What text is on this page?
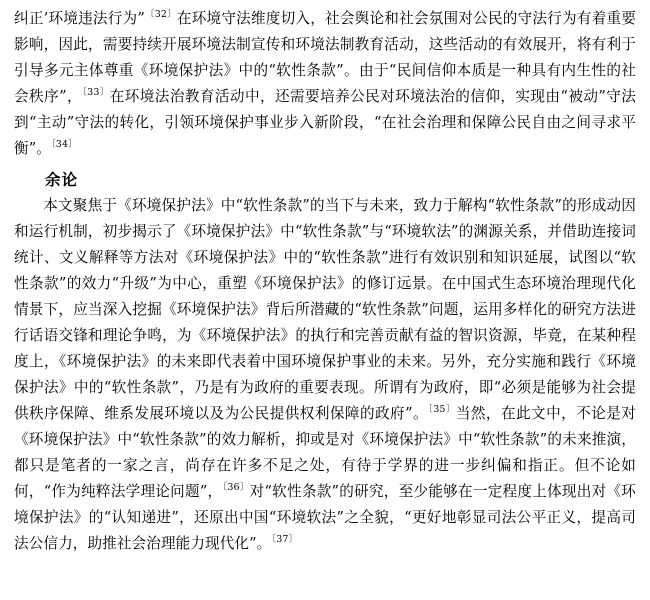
纠正’环境违法行为”$^{〔32〕}$在环境守法维度切入，社会舆论和社会氛围对公民的守法行为有着重要影响，因此，需要持续开展环境法制宣传和环境法制教育活动，这些活动的有效展开，将有利于引导多元主体尊重《环境保护法》中的“软性条款”。由于“民间信仰本质是一种具有内生性的社会秩序”，$^{〔33〕}$在环境法治教育活动中，还需要培养公民对环境法治的信仰，实现由“被动”守法到“主动”守法的转化，引领环境保护事业步入新阶段，“在社会治理和保障公民自由之间寻求平衡”。$^{〔34〕}$

余论

本文聚焦于《环境保护法》中“软性条款”的当下与未来，致力于解构“软性条款”的形成动因和运行机制，初步揭示了《环境保护法》中“软性条款”与“环境软法”的渊源关系，并借助连接词统计、文义解释等方法对《环境保护法》中的“软性条款”进行有效识别和知识延展，试图以“软性条款”的效力“升级”为中心，重塑《环境保护法》的修订远景。在中国式生态环境治理现代化情景下，应当深入挖掘《环境保护法》背后所潜藏的“软性条款”问题，运用多样化的研究方法进行话语交锋和理论争鸣，为《环境保护法》的执行和完善贡献有益的智识资源，毕竟，在某种程度上，《环境保护法》的未来即代表着中国环境保护事业的未来。另外，充分实施和践行《环境保护法》中的“软性条款”，乃是有为政府的重要表现。所谓有为政府，即“必须是能够为社会提供秩序保障、维系发展环境以及为公民提供权利保障的政府”。$^{〔35〕}$当然，在此文中，不论是对《环境保护法》中“软性条款”的效力解析，抑或是对《环境保护法》中“软性条款”的未来推演，都只是笔者的一家之言，尚存在许多不足之处，有待于学界的进一步纠偏和指正。但不论如何，“作为纯粹法学理论问题”，$^{〔36〕}$对“软性条款”的研究，至少能够在一定程度上体现出对《环境保护法》的“认知递进”，还原出中国“环境软法”之全貌，“更好地彰显司法公平正义，提高司法公信力，助推社会治理能力现代化”。$^{〔37〕}$
